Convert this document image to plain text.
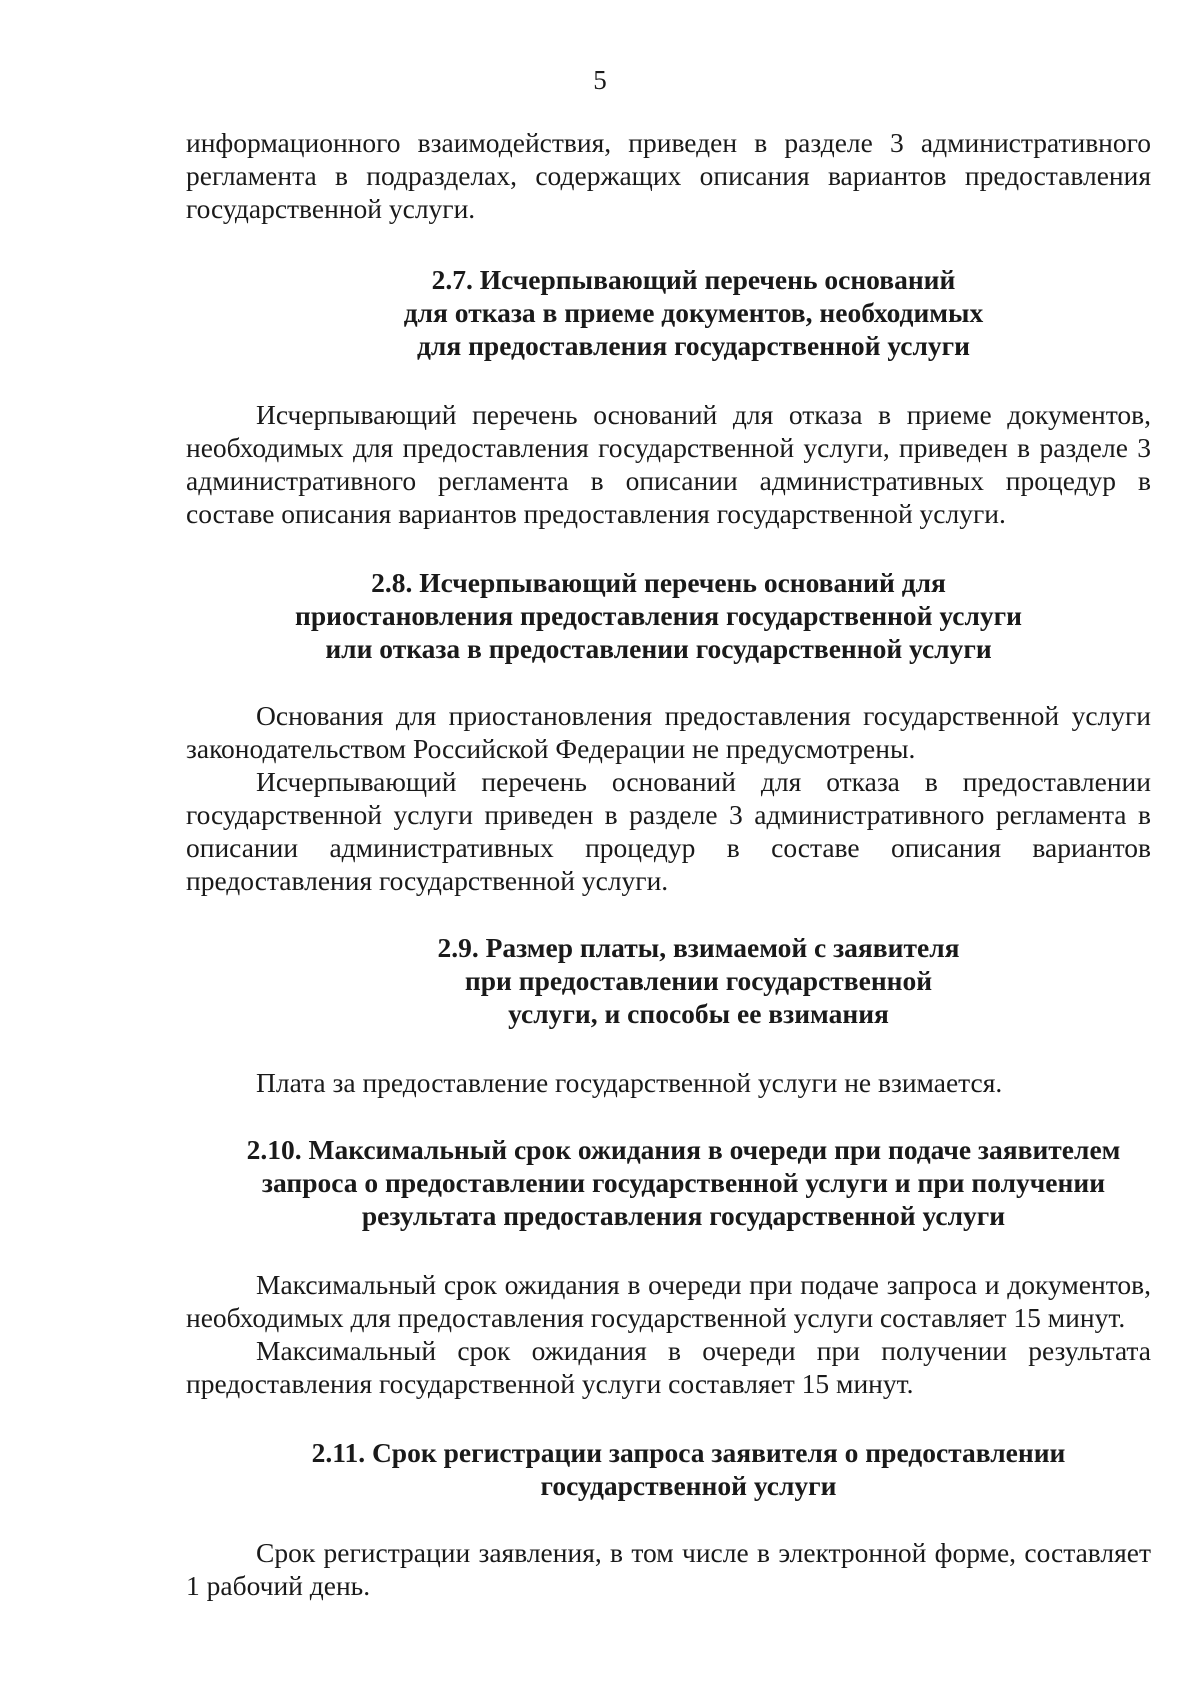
5

информационного взаимодействия, приведен в разделе 3 административного регламента в подразделах, содержащих описания вариантов предоставления государственной услуги.

2.7. Исчерпывающий перечень оснований
для отказа в приеме документов, необходимых
для предоставления государственной услуги

Исчерпывающий перечень оснований для отказа в приеме документов, необходимых для предоставления государственной услуги, приведен в разделе 3 административного регламента в описании административных процедур в составе описания вариантов предоставления государственной услуги.

2.8. Исчерпывающий перечень оснований для
приостановления предоставления государственной услуги
или отказа в предоставлении государственной услуги

Основания для приостановления предоставления государственной услуги законодательством Российской Федерации не предусмотрены.

Исчерпывающий перечень оснований для отказа в предоставлении государственной услуги приведен в разделе 3 административного регламента в описании административных процедур в составе описания вариантов предоставления государственной услуги.

2.9. Размер платы, взимаемой с заявителя
при предоставлении государственной
услуги, и способы ее взимания

Плата за предоставление государственной услуги не взимается.

2.10. Максимальный срок ожидания в очереди при подаче заявителем
запроса о предоставлении государственной услуги и при получении
результата предоставления государственной услуги

Максимальный срок ожидания в очереди при подаче запроса и документов, необходимых для предоставления государственной услуги составляет 15 минут.

Максимальный срок ожидания в очереди при получении результата предоставления государственной услуги составляет 15 минут.

2.11. Срок регистрации запроса заявителя о предоставлении
государственной услуги

Срок регистрации заявления, в том числе в электронной форме, составляет 1 рабочий день.
